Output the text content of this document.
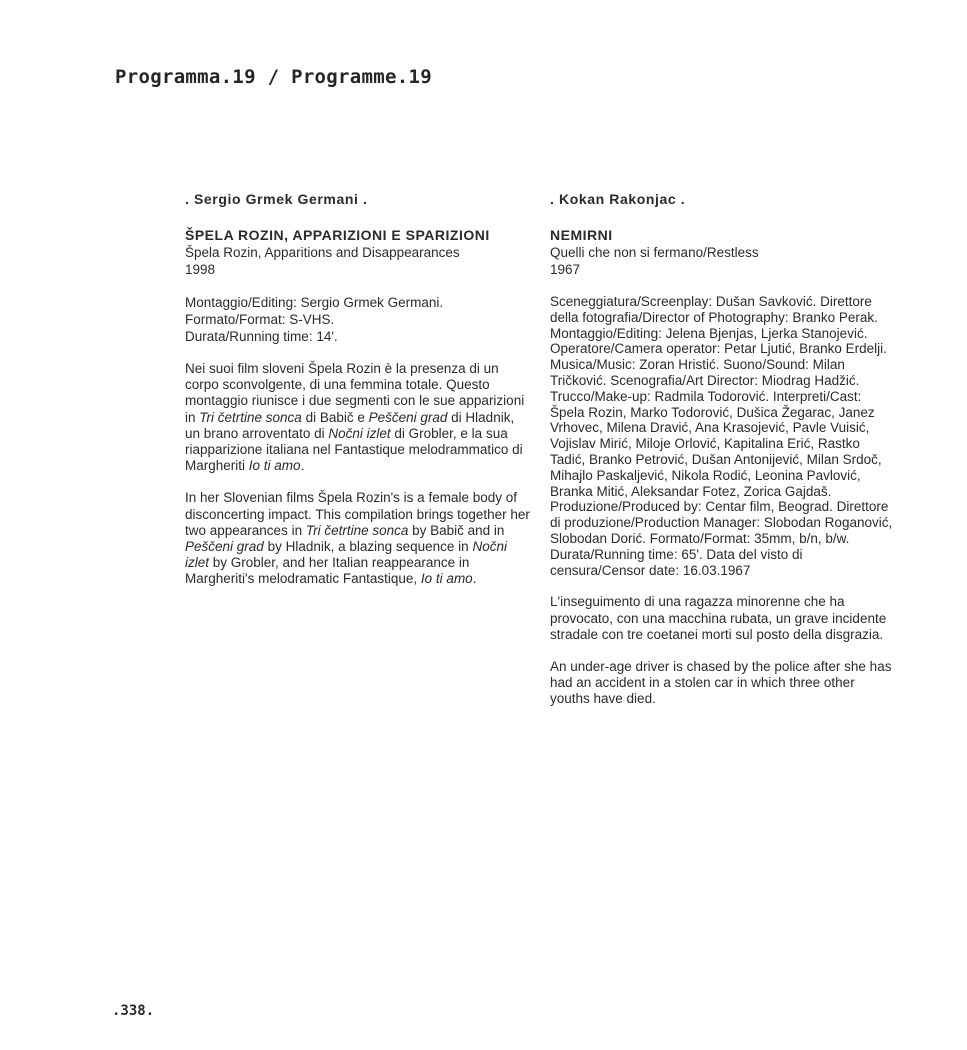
Programma.19 / Programme.19
. Sergio Grmek Germani .
ŠPELA ROZIN, APPARIZIONI E SPARIZIONI
Špela Rozin, Apparitions and Disappearances
1998
Montaggio/Editing: Sergio Grmek Germani.
Formato/Format: S-VHS.
Durata/Running time: 14'.

Nei suoi film sloveni Špela Rozin è la presenza di un corpo sconvolgente, di una femmina totale. Questo montaggio riunisce i due segmenti con le sue apparizioni in Tri četrtine sonca di Babič e Peščeni grad di Hladnik, un brano arroventato di Nočni izlet di Grobler, e la sua riapparizione italiana nel Fantastique melodrammatico di Margheriti Io ti amo.

In her Slovenian films Špela Rozin's is a female body of disconcerting impact. This compilation brings together her two appearances in Tri četrtine sonca by Babič and in Peščeni grad by Hladnik, a blazing sequence in Nočni izlet by Grobler, and her Italian reappearance in Margheriti's melodramatic Fantastique, Io ti amo.

. Kokan Rakonjac .
NEMIRNI
Quelli che non si fermano/Restless
1967

Sceneggiatura/Screenplay: Dušan Savković. Direttore della fotografia/Director of Photography: Branko Perak. Montaggio/Editing: Jelena Bjenjas, Ljerka Stanojević. Operatore/Camera operator: Petar Ljutić, Branko Erdelji. Musica/Music: Zoran Hristić. Suono/Sound: Milan Tričković. Scenografia/Art Director: Miodrag Hadžić. Trucco/Make-up: Radmila Todorović. Interpreti/Cast: Špela Rozin, Marko Todorović, Dušica Žegarac, Janez Vrhovec, Milena Dravić, Ana Krasojević, Pavle Vuisić, Vojislav Mirić, Miloje Orlović, Kapitalina Erić, Rastko Tadić, Branko Petrović, Dušan Antonijević, Milan Srdoč, Mihajlo Paskaljević, Nikola Rodić, Leonina Pavlović, Branka Mitić, Aleksandar Fotez, Zorica Gajdaš. Produzione/Produced by: Centar film, Beograd. Direttore di produzione/Production Manager: Slobodan Roganović, Slobodan Dorić. Formato/Format: 35mm, b/n, b/w. Durata/Running time: 65'. Data del visto di censura/Censor date: 16.03.1967

L'inseguimento di una ragazza minorenne che ha provocato, con una macchina rubata, un grave incidente stradale con tre coetanei morti sul posto della disgrazia.

An under-age driver is chased by the police after she has had an accident in a stolen car in which three other youths have died.

.338.
